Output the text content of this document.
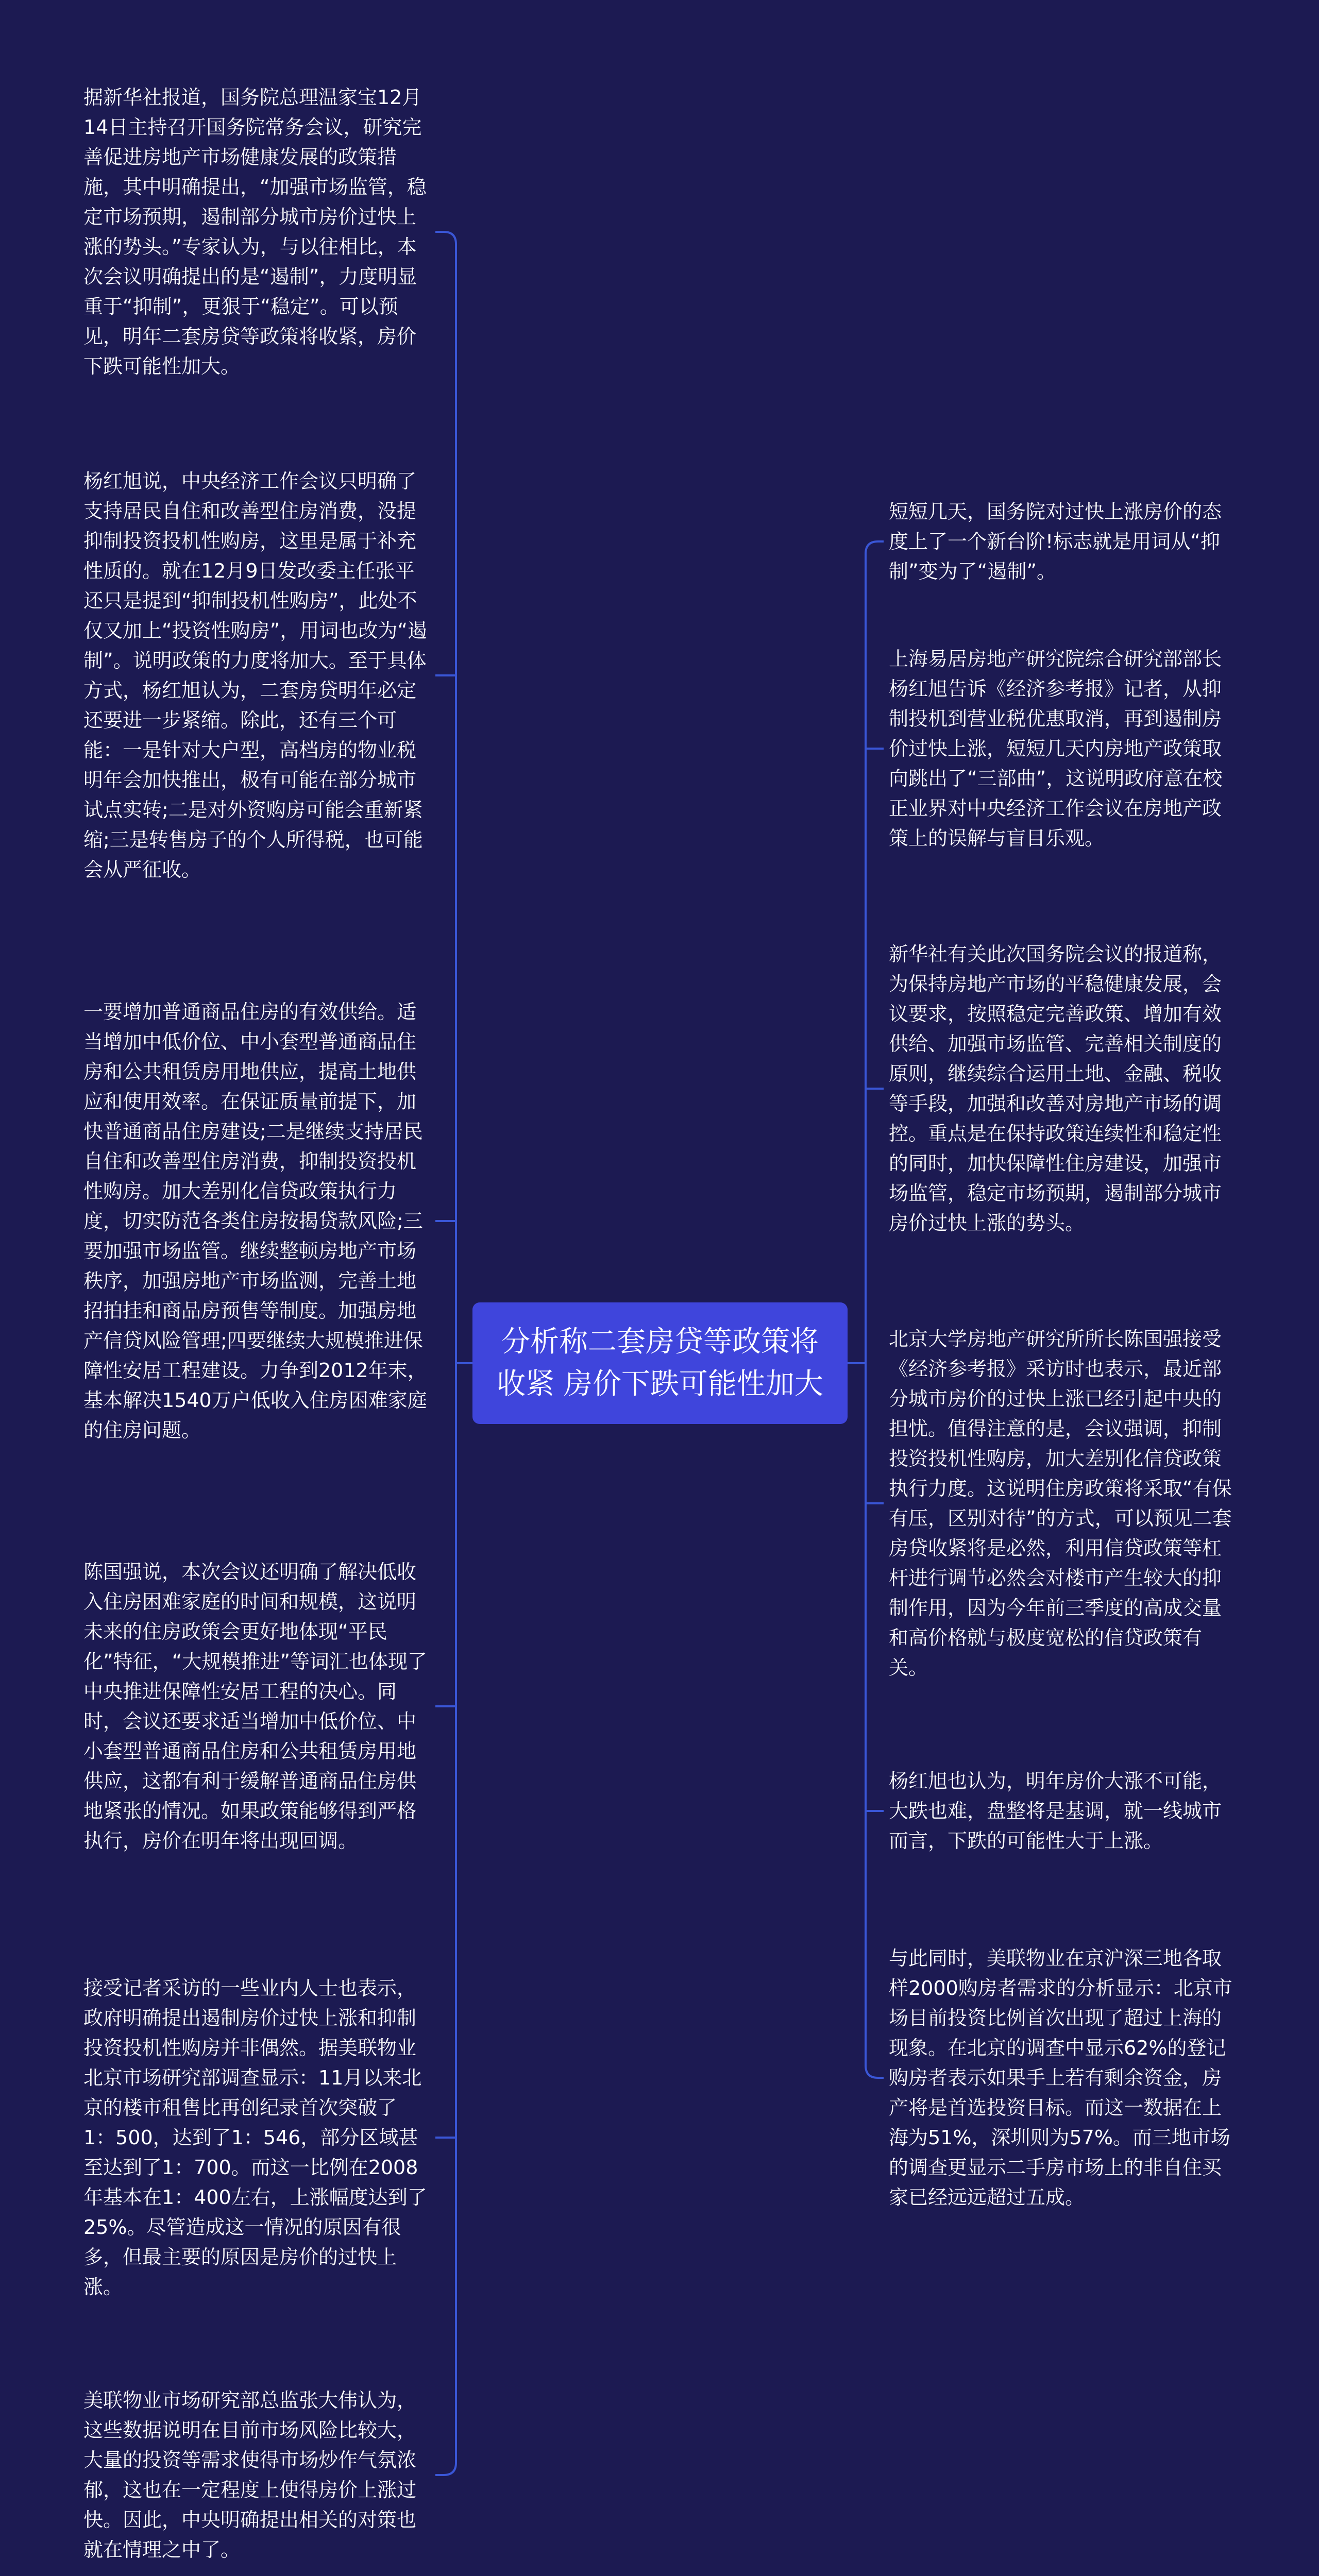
分析称二套房贷等政策将收紧 房价下跌可能性加大

据新华社报道，国务院总理温家宝12月14日主持召开国务院常务会议，研究完善促进房地产市场健康发展的政策措施，其中明确提出，“加强市场监管，稳定市场预期，遏制部分城市房价过快上涨的势头。”专家认为，与以往相比，本次会议明确提出的是“遏制”，力度明显重于“抑制”，更狠于“稳定”。可以预见，明年二套房贷等政策将收紧，房价下跌可能性加大。

杨红旭说，中央经济工作会议只明确了支持居民自住和改善型住房消费，没提抑制投资投机性购房，这里是属于补充性质的。就在12月9日发改委主任张平还只是提到“抑制投机性购房”，此处不仅又加上“投资性购房”，用词也改为“遏制”。说明政策的力度将加大。至于具体方式，杨红旭认为，二套房贷明年必定还要进一步紧缩。除此，还有三个可能：一是针对大户型，高档房的物业税明年会加快推出，极有可能在部分城市试点实转;二是对外资购房可能会重新紧缩;三是转售房子的个人所得税，也可能会从严征收。

一要增加普通商品住房的有效供给。适当增加中低价位、中小套型普通商品住房和公共租赁房用地供应，提高土地供应和使用效率。在保证质量前提下，加快普通商品住房建设;二是继续支持居民自住和改善型住房消费，抑制投资投机性购房。加大差别化信贷政策执行力度，切实防范各类住房按揭贷款风险;三要加强市场监管。继续整顿房地产市场秩序，加强房地产市场监测，完善土地招拍挂和商品房预售等制度。加强房地产信贷风险管理;四要继续大规模推进保障性安居工程建设。力争到2012年末，基本解决1540万户低收入住房困难家庭的住房问题。

陈国强说，本次会议还明确了解决低收入住房困难家庭的时间和规模，这说明未来的住房政策会更好地体现“平民化”特征，“大规模推进”等词汇也体现了中央推进保障性安居工程的决心。同时，会议还要求适当增加中低价位、中小套型普通商品住房和公共租赁房用地供应，这都有利于缓解普通商品住房供地紧张的情况。如果政策能够得到严格执行，房价在明年将出现回调。

接受记者采访的一些业内人士也表示，政府明确提出遏制房价过快上涨和抑制投资投机性购房并非偶然。据美联物业北京市场研究部调查显示：11月以来北京的楼市租售比再创纪录首次突破了1：500，达到了1：546，部分区域甚至达到了1：700。而这一比例在2008年基本在1：400左右，上涨幅度达到了25%。尽管造成这一情况的原因有很多，但最主要的原因是房价的过快上涨。

美联物业市场研究部总监张大伟认为，这些数据说明在目前市场风险比较大，大量的投资等需求使得市场炒作气氛浓郁，这也在一定程度上使得房价上涨过快。因此，中央明确提出相关的对策也就在情理之中了。

短短几天，国务院对过快上涨房价的态度上了一个新台阶!标志就是用词从“抑制”变为了“遏制”。

上海易居房地产研究院综合研究部部长杨红旭告诉《经济参考报》记者，从抑制投机到营业税优惠取消，再到遏制房价过快上涨，短短几天内房地产政策取向跳出了“三部曲”，这说明政府意在校正业界对中央经济工作会议在房地产政策上的误解与盲目乐观。

新华社有关此次国务院会议的报道称，为保持房地产市场的平稳健康发展，会议要求，按照稳定完善政策、增加有效供给、加强市场监管、完善相关制度的原则，继续综合运用土地、金融、税收等手段，加强和改善对房地产市场的调控。重点是在保持政策连续性和稳定性的同时，加快保障性住房建设，加强市场监管，稳定市场预期，遏制部分城市房价过快上涨的势头。

北京大学房地产研究所所长陈国强接受《经济参考报》采访时也表示，最近部分城市房价的过快上涨已经引起中央的担忧。值得注意的是，会议强调，抑制投资投机性购房，加大差别化信贷政策执行力度。这说明住房政策将采取“有保有压，区别对待”的方式，可以预见二套房贷收紧将是必然，利用信贷政策等杠杆进行调节必然会对楼市产生较大的抑制作用，因为今年前三季度的高成交量和高价格就与极度宽松的信贷政策有关。

杨红旭也认为，明年房价大涨不可能，大跌也难，盘整将是基调，就一线城市而言，下跌的可能性大于上涨。

与此同时，美联物业在京沪深三地各取样2000购房者需求的分析显示：北京市场目前投资比例首次出现了超过上海的现象。在北京的调查中显示62%的登记购房者表示如果手上若有剩余资金，房产将是首选投资目标。而这一数据在上海为51%，深圳则为57%。而三地市场的调查更显示二手房市场上的非自住买家已经远远超过五成。
